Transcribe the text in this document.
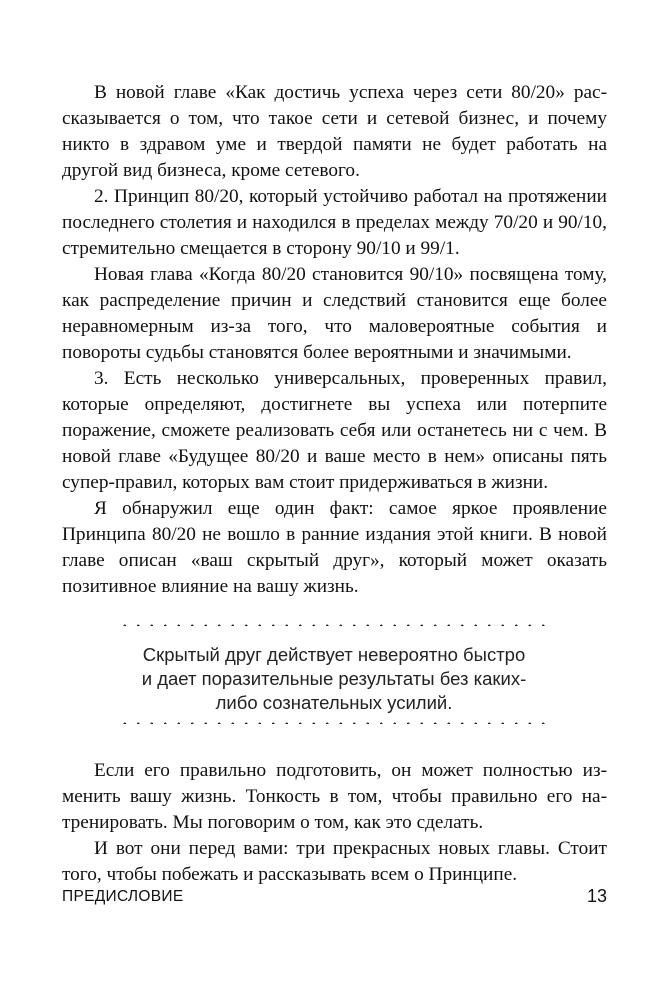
В новой главе «Как достичь успеха через сети 80/20» рассказывается о том, что такое сети и сетевой бизнес, и почему никто в здравом уме и твердой памяти не будет работать на другой вид бизнеса, кроме сетевого.

2. Принцип 80/20, который устойчиво работал на протяжении последнего столетия и находился в пределах между 70/20 и 90/10, стремительно смещается в сторону 90/10 и 99/1.

Новая глава «Когда 80/20 становится 90/10» посвящена тому, как распределение причин и следствий становится еще более неравномерным из-за того, что маловероятные события и повороты судьбы становятся более вероятными и значимыми.

3. Есть несколько универсальных, проверенных правил, которые определяют, достигнете вы успеха или потерпите поражение, сможете реализовать себя или останетесь ни с чем. В новой главе «Будущее 80/20 и ваше место в нем» описаны пять супер-правил, которых вам стоит придерживаться в жизни.

Я обнаружил еще один факт: самое яркое проявление Принципа 80/20 не вошло в ранние издания этой книги. В новой главе описан «ваш скрытый друг», который может оказать позитивное влияние на вашу жизнь.

Скрытый друг действует невероятно быстро
и дает поразительные результаты без каких-
либо сознательных усилий.

Если его правильно подготовить, он может полностью изменить вашу жизнь. Тонкость в том, чтобы правильно его натренировать. Мы поговорим о том, как это сделать.

И вот они перед вами: три прекрасных новых главы. Стоит того, чтобы побежать и рассказывать всем о Принципе.

ПРЕДИСЛОВИЕ	13
